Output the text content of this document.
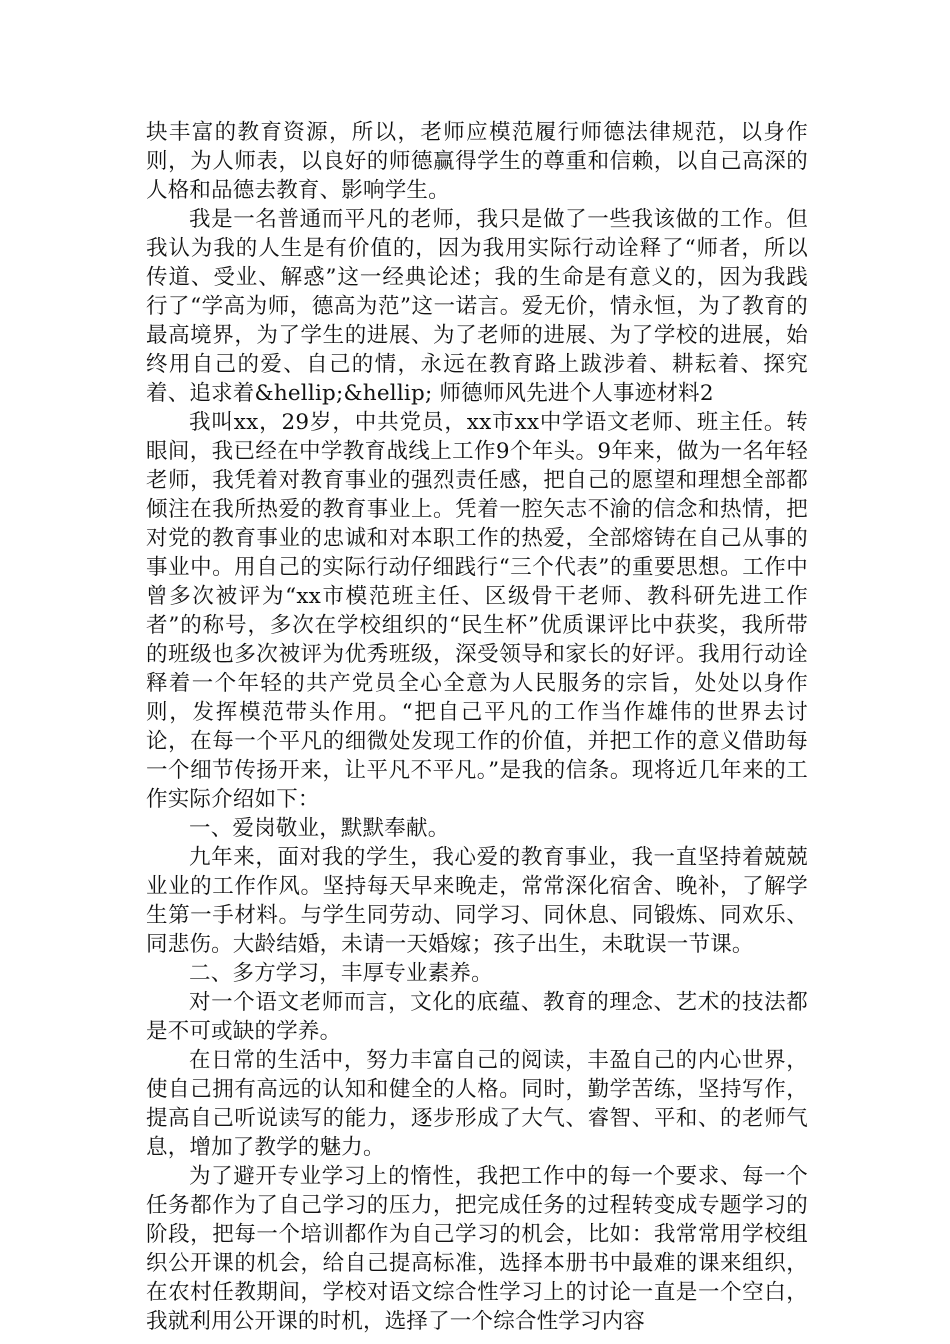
块丰富的教育资源，所以，老师应模范履行师德法律规范，以身作则，为人师表，以良好的师德赢得学生的尊重和信赖，以自己高深的人格和品德去教育、影响学生。

我是一名普通而平凡的老师，我只是做了一些我该做的工作。但我认为我的人生是有价值的，因为我用实际行动诠释了“师者，所以传道、受业、解惑”这一经典论述；我的生命是有意义的，因为我践行了“学高为师，德高为范”这一诺言。爱无价，情永恒，为了教育的最高境界，为了学生的进展、为了老师的进展、为了学校的进展，始终用自己的爱、自己的情，永远在教育路上跋涉着、耕耘着、探究着、追求着&hellip;&hellip; 师德师风先进个人事迹材料2

我叫xx，29岁，中共党员，xx市xx中学语文老师、班主任。转眼间，我已经在中学教育战线上工作9个年头。9年来，做为一名年轻老师，我凭着对教育事业的强烈责任感，把自己的愿望和理想全部都倾注在我所热爱的教育事业上。凭着一腔矢志不渝的信念和热情，把对党的教育事业的忠诚和对本职工作的热爱，全部熔铸在自己从事的事业中。用自己的实际行动仔细践行“三个代表”的重要思想。工作中曾多次被评为“xx市模范班主任、区级骨干老师、教科研先进工作者”的称号，多次在学校组织的“民生杯”优质课评比中获奖，我所带的班级也多次被评为优秀班级，深受领导和家长的好评。我用行动诠释着一个年轻的共产党员全心全意为人民服务的宗旨，处处以身作则，发挥模范带头作用。“把自己平凡的工作当作雄伟的世界去讨论，在每一个平凡的细微处发现工作的价值，并把工作的意义借助每一个细节传扬开来，让平凡不平凡。”是我的信条。现将近几年来的工作实际介绍如下：

一、爱岗敬业，默默奉献。

九年来，面对我的学生，我心爱的教育事业，我一直坚持着兢兢业业的工作作风。坚持每天早来晚走，常常深化宿舍、晚补，了解学生第一手材料。与学生同劳动、同学习、同休息、同锻炼、同欢乐、同悲伤。大龄结婚，未请一天婚嫁；孩子出生，未耽误一节课。

二、多方学习，丰厚专业素养。

对一个语文老师而言，文化的底蕴、教育的理念、艺术的技法都是不可或缺的学养。

在日常的生活中，努力丰富自己的阅读，丰盈自己的内心世界，使自己拥有高远的认知和健全的人格。同时，勤学苦练，坚持写作，提高自己听说读写的能力，逐步形成了大气、睿智、平和、的老师气息，增加了教学的魅力。

为了避开专业学习上的惰性，我把工作中的每一个要求、每一个任务都作为了自己学习的压力，把完成任务的过程转变成专题学习的阶段，把每一个培训都作为自己学习的机会，比如：我常常用学校组织公开课的机会，给自己提高标准，选择本册书中最难的课来组织，在农村任教期间，学校对语文综合性学习上的讨论一直是一个空白，我就利用公开课的时机，选择了一个综合性学习内容
